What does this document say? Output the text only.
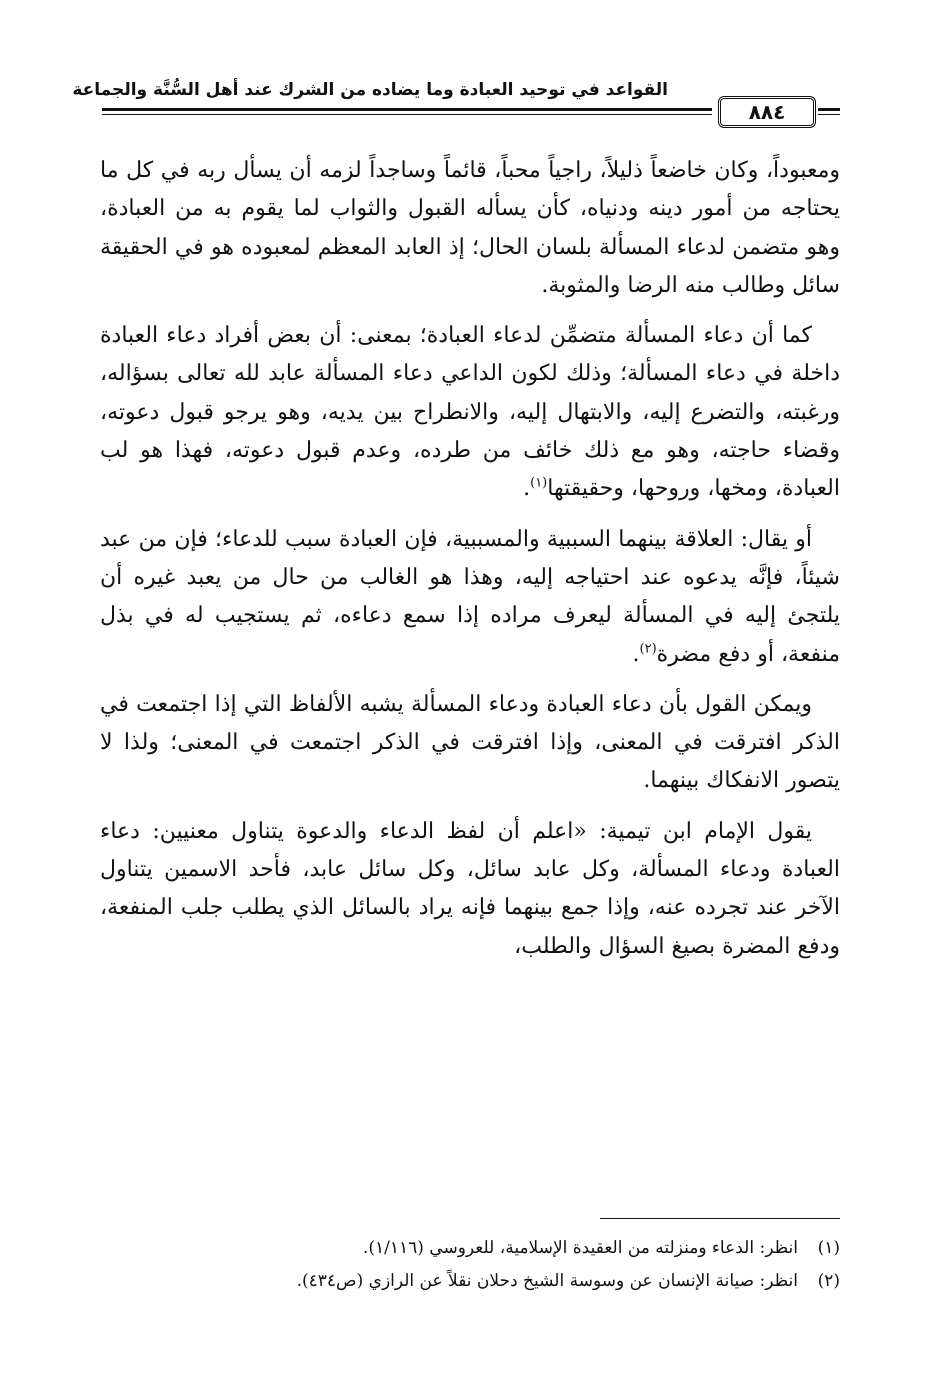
القواعد في توحيد العبادة وما يضاده من الشرك عند أهل السُّنَّة والجماعة
٨٨٤

ومعبوداً، وكان خاضعاً ذليلاً، راجياً محباً، قائماً وساجداً لزمه أن يسأل ربه في كل ما يحتاجه من أمور دينه ودنياه، كأن يسأله القبول والثواب لما يقوم به من العبادة، وهو متضمن لدعاء المسألة بلسان الحال؛ إذ العابد المعظم لمعبوده هو في الحقيقة سائل وطالب منه الرضا والمثوبة.

كما أن دعاء المسألة متضمِّن لدعاء العبادة؛ بمعنى: أن بعض أفراد دعاء العبادة داخلة في دعاء المسألة؛ وذلك لكون الداعي دعاء المسألة عابد لله تعالى بسؤاله، ورغبته، والتضرع إليه، والابتهال إليه، والانطراح بين يديه، وهو يرجو قبول دعوته، وقضاء حاجته، وهو مع ذلك خائف من طرده، وعدم قبول دعوته، فهذا هو لب العبادة، ومخها، وروحها، وحقيقتها$^{(١)}$.

أو يقال: العلاقة بينهما السببية والمسببية، فإن العبادة سبب للدعاء؛ فإن من عبد شيئاً، فإنَّه يدعوه عند احتياجه إليه، وهذا هو الغالب من حال من يعبد غيره أن يلتجئ إليه في المسألة ليعرف مراده إذا سمع دعاءه، ثم يستجيب له في بذل منفعة، أو دفع مضرة$^{(٢)}$.

ويمكن القول بأن دعاء العبادة ودعاء المسألة يشبه الألفاظ التي إذا اجتمعت في الذكر افترقت في المعنى، وإذا افترقت في الذكر اجتمعت في المعنى؛ ولذا لا يتصور الانفكاك بينهما.

يقول الإمام ابن تيمية: «اعلم أن لفظ الدعاء والدعوة يتناول معنيين: دعاء العبادة ودعاء المسألة، وكل عابد سائل، وكل سائل عابد، فأحد الاسمين يتناول الآخر عند تجرده عنه، وإذا جمع بينهما فإنه يراد بالسائل الذي يطلب جلب المنفعة، ودفع المضرة بصيغ السؤال والطلب،

(١)انظر: الدعاء ومنزلته من العقيدة الإسلامية، للعروسي (١/١١٦).

(٢)انظر: صيانة الإنسان عن وسوسة الشيخ دحلان نقلاً عن الرازي (ص٤٣٤).
